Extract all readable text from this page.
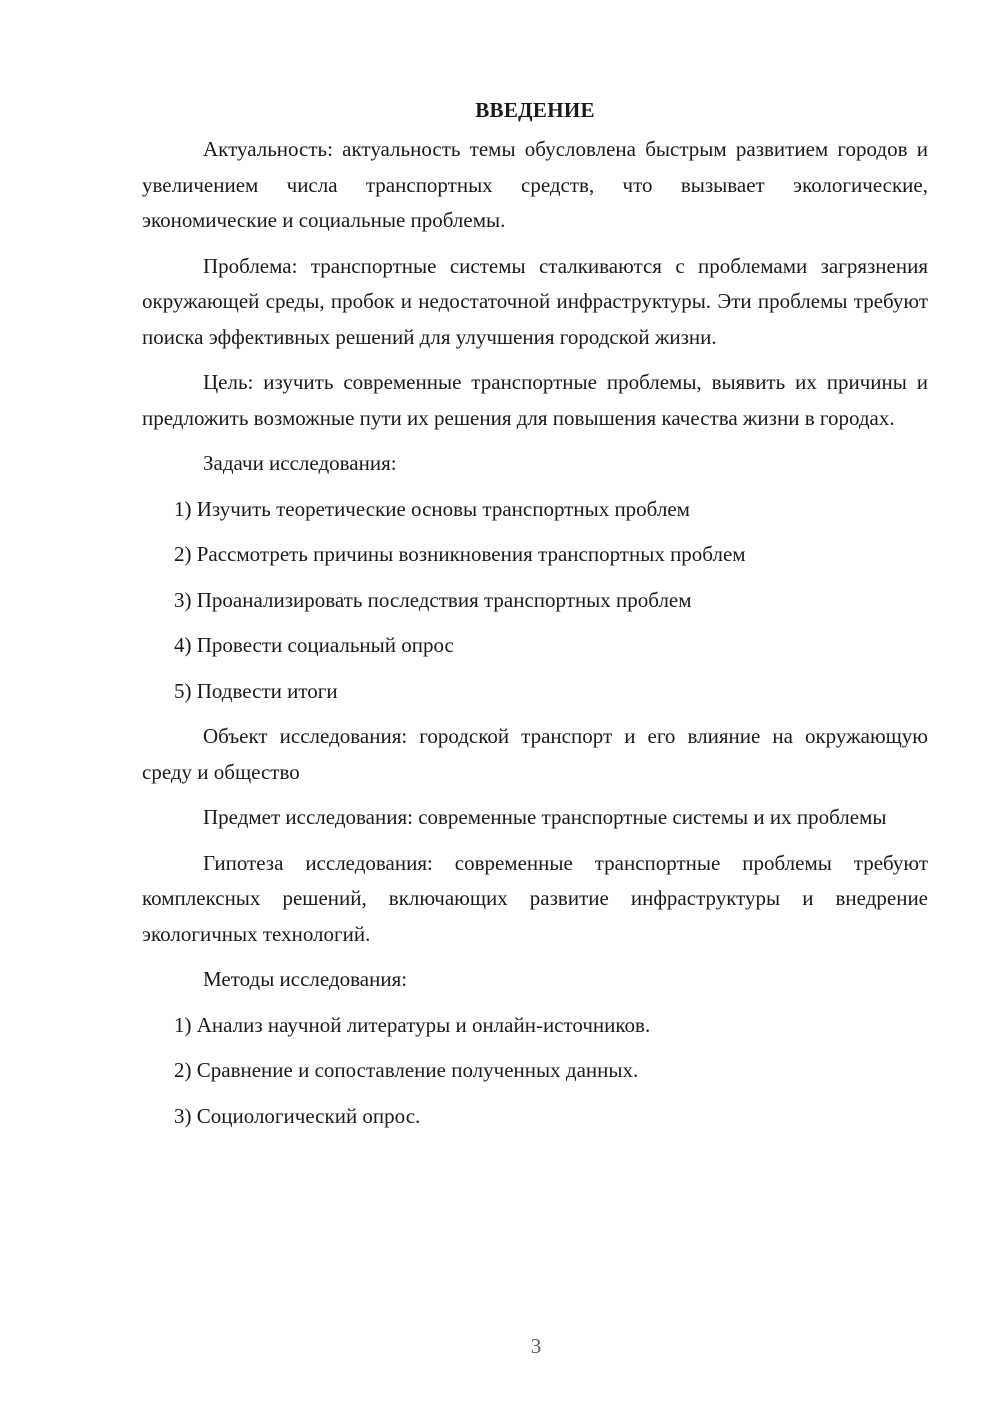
ВВЕДЕНИЕ

Актуальность: актуальность темы обусловлена быстрым развитием городов и увеличением числа транспортных средств, что вызывает экологические, экономические и социальные проблемы.

Проблема: транспортные системы сталкиваются с проблемами загрязнения окружающей среды, пробок и недостаточной инфраструктуры. Эти проблемы требуют поиска эффективных решений для улучшения городской жизни.

Цель: изучить современные транспортные проблемы, выявить их причины и предложить возможные пути их решения для повышения качества жизни в городах.

Задачи исследования:

1) Изучить теоретические основы транспортных проблем

2) Рассмотреть причины возникновения транспортных проблем

3) Проанализировать последствия транспортных проблем

4) Провести социальный опрос

5) Подвести итоги

Объект исследования: городской транспорт и его влияние на окружающую среду и общество

Предмет исследования: современные транспортные системы и их проблемы

Гипотеза исследования: современные транспортные проблемы требуют комплексных решений, включающих развитие инфраструктуры и внедрение экологичных технологий.

Методы исследования:

1) Анализ научной литературы и онлайн-источников.

2) Сравнение и сопоставление полученных данных.

3) Социологический опрос.

3
